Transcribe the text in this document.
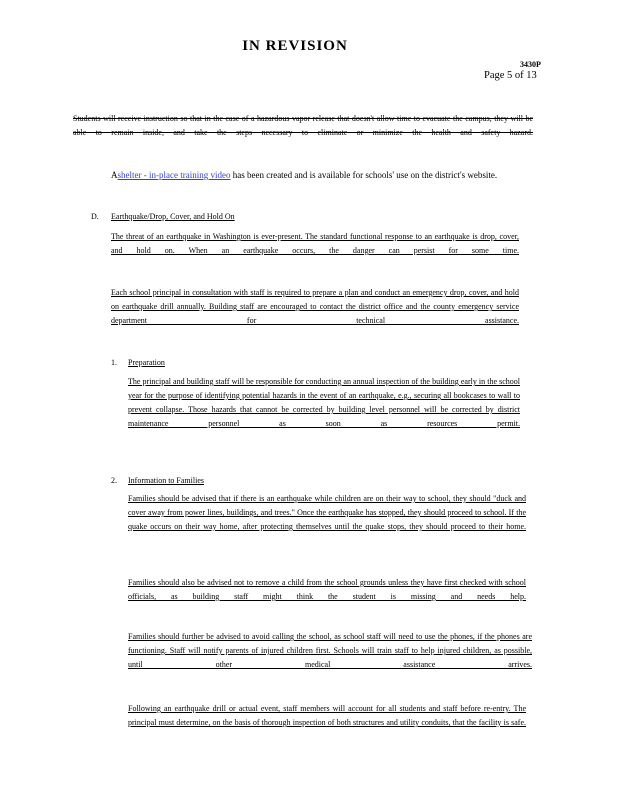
IN REVISION
3430P
Page 5 of 13
Students will receive instruction so that in the case of a hazardous vapor release that doesn't allow time to evacuate the campus, they will be able to remain inside, and take the steps necessary to eliminate or minimize the health and safety hazard.
Ashelter - in-place training video has been created and is available for schools' use on the district's website.
D. Earthquake/Drop, Cover, and Hold On
The threat of an earthquake in Washington is ever-present. The standard functional response to an earthquake is drop, cover, and hold on. When an earthquake occurs, the danger can persist for some time.
Each school principal in consultation with staff is required to prepare a plan and conduct an emergency drop, cover, and hold on earthquake drill annually. Building staff are encouraged to contact the district office and the county emergency service department for technical assistance.
1. Preparation
The principal and building staff will be responsible for conducting an annual inspection of the building early in the school year for the purpose of identifying potential hazards in the event of an earthquake, e.g., securing all bookcases to wall to prevent collapse. Those hazards that cannot be corrected by building level personnel will be corrected by district maintenance personnel as soon as resources permit.
2. Information to Families
Families should be advised that if there is an earthquake while children are on their way to school, they should "duck and cover away from power lines, buildings, and trees." Once the earthquake has stopped, they should proceed to school. If the quake occurs on their way home, after protecting themselves until the quake stops, they should proceed to their home.
Families should also be advised not to remove a child from the school grounds unless they have first checked with school officials, as building staff might think the student is missing and needs help.
Families should further be advised to avoid calling the school, as school staff will need to use the phones, if the phones are functioning. Staff will notify parents of injured children first. Schools will train staff to help injured children, as possible, until other medical assistance arrives.
Following an earthquake drill or actual event, staff members will account for all students and staff before re-entry. The principal must determine, on the basis of thorough inspection of both structures and utility conduits, that the facility is safe.
